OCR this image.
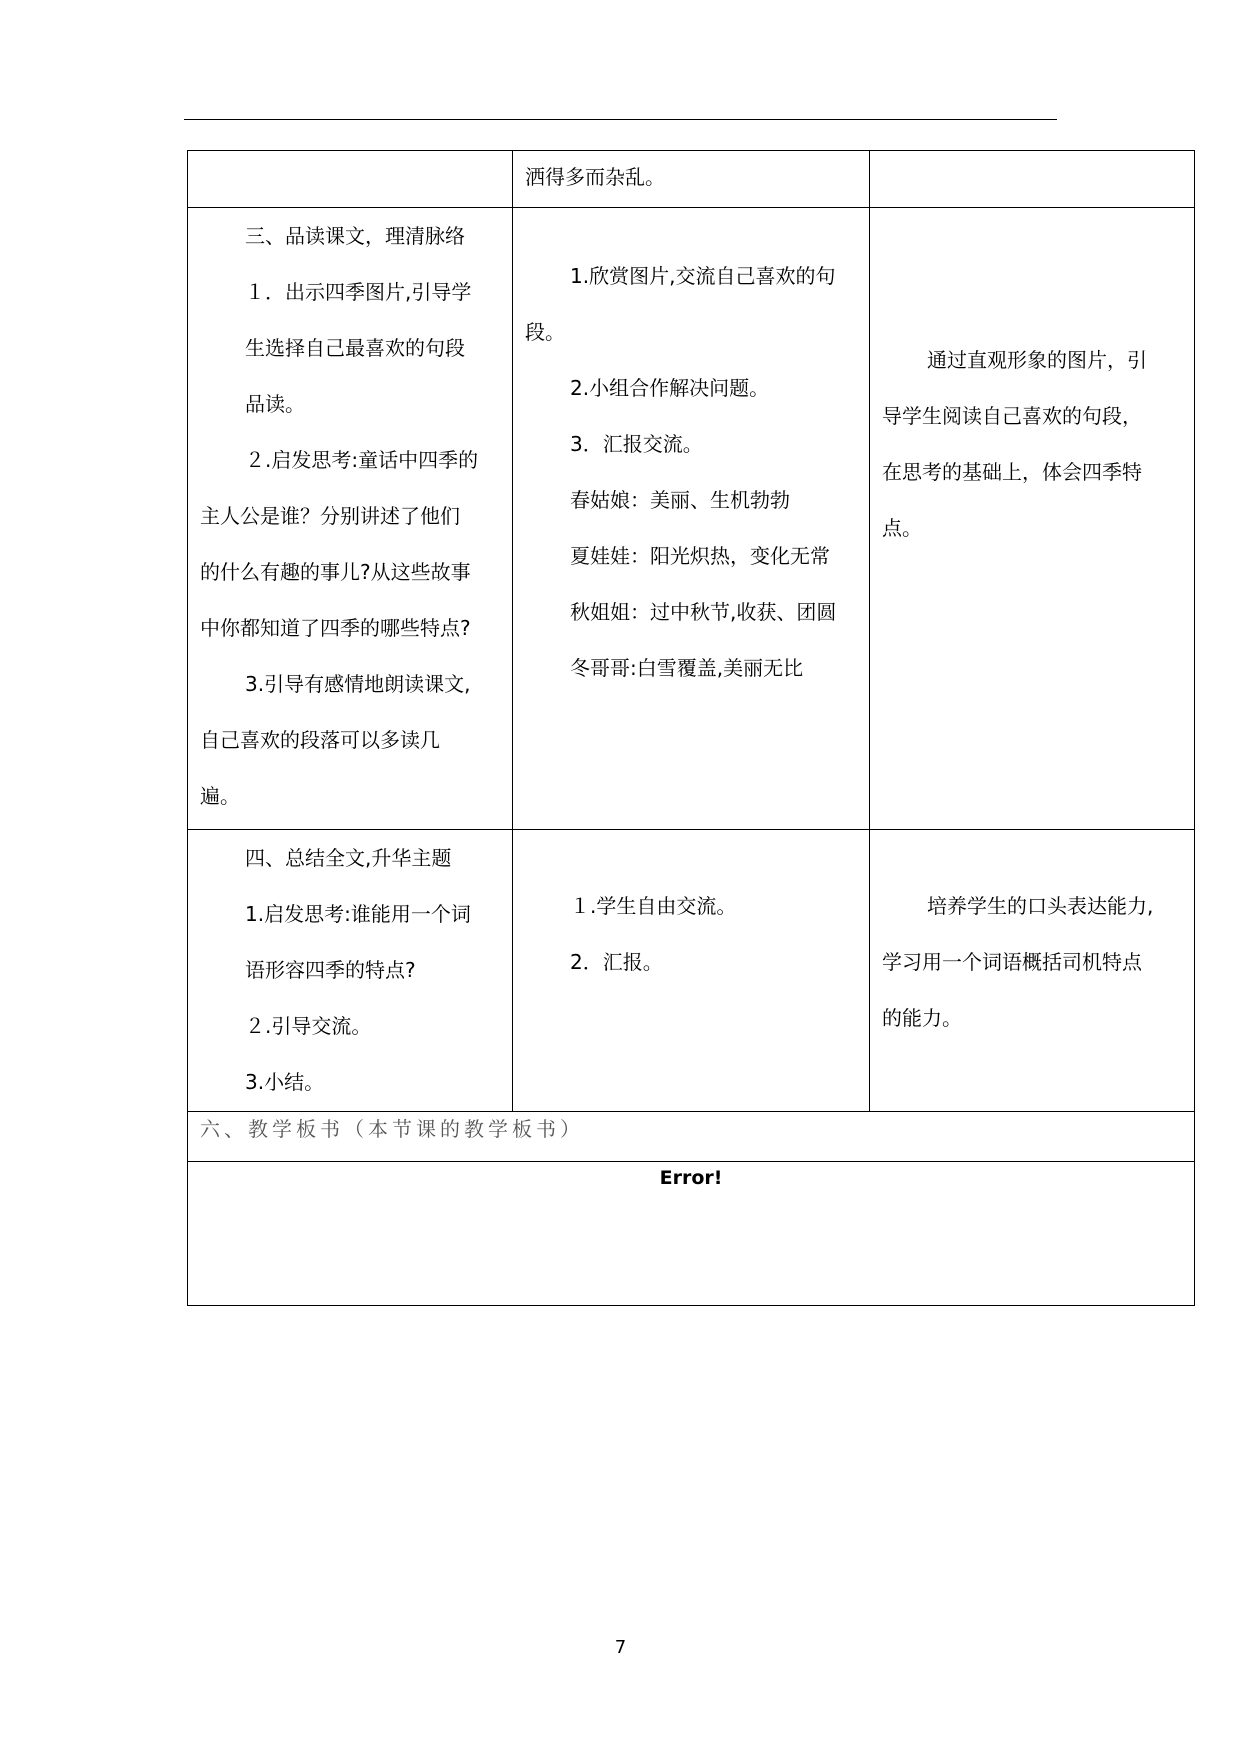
洒得多而杂乱。

三、品读课文，理清脉络

１．出示四季图片,引导学

生选择自己最喜欢的句段

品读。

２.启发思考:童话中四季的

主人公是谁？分别讲述了他们

的什么有趣的事儿?从这些故事

中你都知道了四季的哪些特点?

3.引导有感情地朗读课文,

自己喜欢的段落可以多读几

遍。

1.欣赏图片,交流自己喜欢的句

段。

2.小组合作解决问题。

3．汇报交流。

春姑娘：美丽、生机勃勃

夏娃娃：阳光炽热，变化无常

秋姐姐：过中秋节,收获、团圆

冬哥哥:白雪覆盖,美丽无比

通过直观形象的图片，引

导学生阅读自己喜欢的句段，

在思考的基础上，体会四季特

点。

四、总结全文,升华主题

1.启发思考:谁能用一个词

语形容四季的特点?

２.引导交流。

3.小结。

１.学生自由交流。

2．汇报。

培养学生的口头表达能力,

学习用一个词语概括司机特点

的能力。

六、教学板书（本节课的教学板书）
Error!
7
